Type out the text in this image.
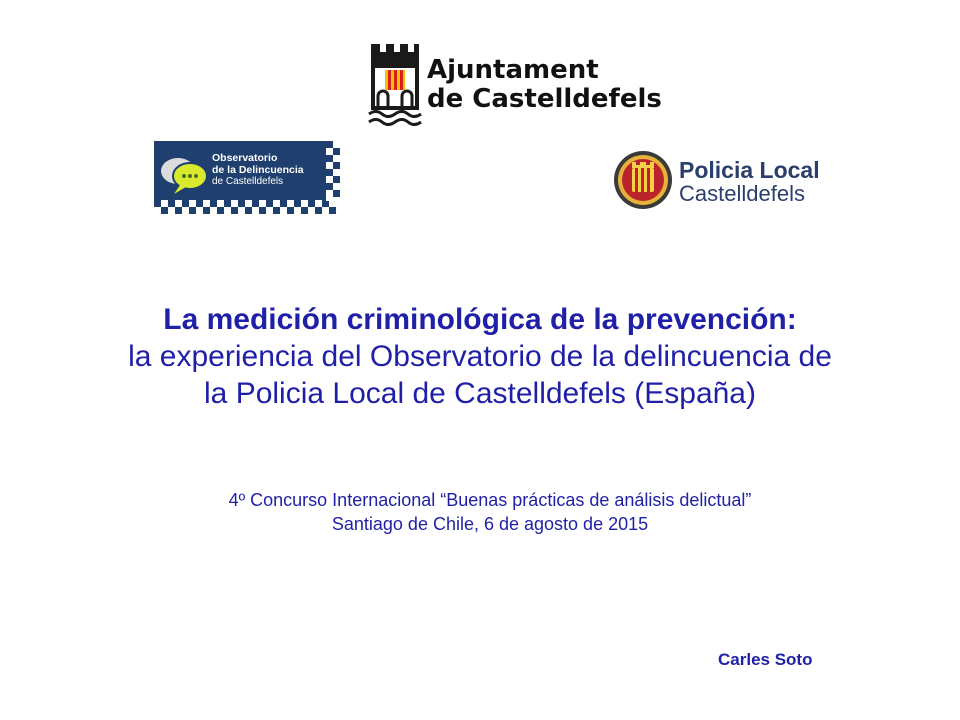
Ajuntament
de Castelldefels
Observatorio
de la Delincuencia
de Castelldefels	Policia Local
Castelldefels
La medición criminológica de la prevención:
la experiencia del Observatorio de la delincuencia de
la Policia Local de Castelldefels (España)
4º Concurso Internacional “Buenas prácticas de análisis delictual”
Santiago de Chile, 6 de agosto de 2015
Carles Soto
